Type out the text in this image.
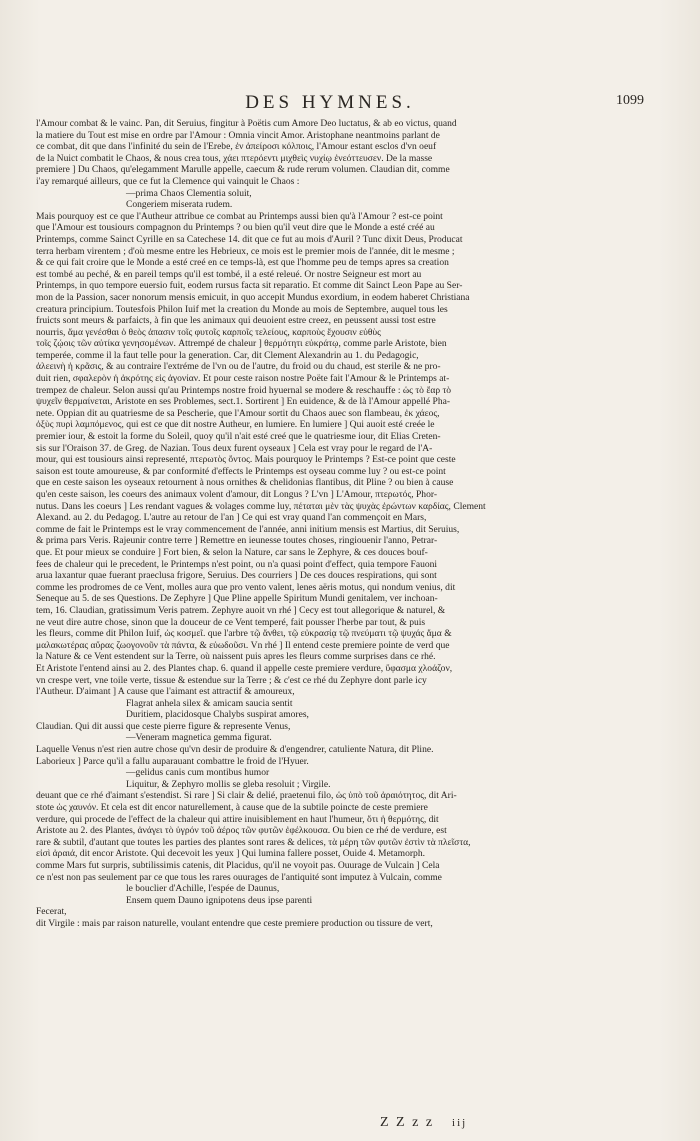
DES HYMNES.	1099
l'Amour combat & le vainc. Pan, dit Seruius, fingitur à Poëtis cum Amore Deo luctatus, & ab eo victus, quand
la matiere du Tout est mise en ordre par l'Amour : Omnia vincit Amor. Aristophane neantmoins parlant de
ce combat, dit que dans l'infinité du sein de l'Erebe, ἐν ἀπείροσι κόλποις, l'Amour estant esclos d'vn oeuf
de la Nuict combatit le Chaos, & nous crea tous, χάει πτερόεντι μιχθεὶς νυχίῳ ἐνεόττευσεν. De la masse
premiere ] Du Chaos, qu'elegamment Marulle appelle, caecum & rude rerum volumen. Claudian dit, comme
i'ay remarqué ailleurs, que ce fut la Clemence qui vainquit le Chaos :
—prima Chaos Clementia soluit,
Congeriem miserata rudem.
Mais pourquoy est ce que l'Autheur attribue ce combat au Printemps aussi bien qu'à l'Amour ? est-ce point
que l'Amour est tousiours compagnon du Printemps ? ou bien qu'il veut dire que le Monde a esté créé au
Printemps, comme Sainct Cyrille en sa Catechese 14. dit que ce fut au mois d'Auril ? Tunc dixit Deus, Producat
terra herbam virentem ; d'où mesme entre les Hebrieux, ce mois est le premier mois de l'année, dit le mesme ;
& ce qui fait croire que le Monde a esté creé en ce temps-là, est que l'homme peu de temps apres sa creation
est tombé au peché, & en pareil temps qu'il est tombé, il a esté releué. Or nostre Seigneur est mort au
Printemps, in quo tempore euersio fuit, eodem rursus facta sit reparatio. Et comme dit Sainct Leon Pape au Ser-
mon de la Passion, sacer nonorum mensis emicuit, in quo accepit Mundus exordium, in eodem haberet Christiana
creatura principium. Toutesfois Philon Iuif met la creation du Monde au mois de Septembre, auquel tous les
fruicts sont meurs & parfaicts, à fin que les animaux qui deuoient estre creez, en peussent aussi tost estre
nourris, ἅμα γενέσθαι ὁ θεὸς ἀπασιν τοῖς φυτοῖς καρποῖς τελείους, καρποὺς ἔχουσιν εὐθὺς
τοῖς ζῴοις τῶν αὐτίκα γενησομένων. Attrempé de chaleur ] θερμότητι εὐκράτῳ, comme parle Aristote, bien
temperée, comme il la faut telle pour la generation. Car, dit Clement Alexandrin au 1. du Pedagogic,
ἀλεεινὴ ἡ κρᾶσις, & au contraire l'extréme de l'vn ou de l'autre, du froid ou du chaud, est sterile & ne pro-
duit rien, σφαλερὸν ἡ ἀκρότης εἰς ἀγονίαν. Et pour ceste raison nostre Poëte fait l'Amour & le Printemps at-
trempez de chaleur. Selon aussi qu'au Printemps nostre froid hyuernal se modere & reschauffe : ὡς τὸ ἔαρ τὸ
ψυχεῖν θερμαίνεται, Aristote en ses Problemes, sect.1. Sortirent ] En euidence, & de là l'Amour appellé Pha-
nete. Oppian dit au quatriesme de sa Pescherie, que l'Amour sortit du Chaos auec son flambeau, ἐκ χάεος,
ὀξὺς πυρὶ λαμπόμενος, qui est ce que dit nostre Autheur, en lumiere. En lumiere ] Qui auoit esté creée le
premier iour, & estoit la forme du Soleil, quoy qu'il n'ait esté creé que le quatriesme iour, dit Elias Creten-
sis sur l'Oraison 37. de Greg. de Nazian. Tous deux furent oyseaux ] Cela est vray pour le regard de l'A-
mour, qui est tousiours ainsi representé, πτερωτὸς ὄντος. Mais pourquoy le Printemps ? Est-ce point que ceste
saison est toute amoureuse, & par conformité d'effects le Printemps est oyseau comme luy ? ou est-ce point
que en ceste saison les oyseaux retournent à nous ornithes & chelidonias flantibus, dit Pline ? ou bien à cause
qu'en ceste saison, les coeurs des animaux volent d'amour, dit Longus ? L'vn ] L'Amour, πτερωτός, Phor-
nutus. Dans les coeurs ] Les rendant vagues & volages comme luy, πέταται μὲν τὰς ψυχὰς ἐρώντων καρδίας, Clement
Alexand. au 2. du Pedagog. L'autre au retour de l'an ] Ce qui est vray quand l'an commençoit en Mars,
comme de fait le Printemps est le vray commencement de l'année, anni initium mensis est Martius, dit Seruius,
& prima pars Veris. Rajeunir contre terre ] Remettre en ieunesse toutes choses, ringiouenir l'anno, Petrar-
que. Et pour mieux se conduire ] Fort bien, & selon la Nature, car sans le Zephyre, & ces douces bouf-
fees de chaleur qui le precedent, le Printemps n'est point, ou n'a quasi point d'effect, quia tempore Fauoni
arua laxantur quae fuerant praeclusa frigore, Seruius. Des courriers ] De ces douces respirations, qui sont
comme les prodromes de ce Vent, molles aura que pro vento valent, lenes aëris motus, qui nondum venius, dit
Seneque au 5. de ses Questions. De Zephyre ] Que Pline appelle Spiritum Mundi genitalem, ver inchoan-
tem, 16. Claudian, gratissimum Veris patrem. Zephyre auoit vn rhé ] Cecy est tout allegorique & naturel, &
ne veut dire autre chose, sinon que la douceur de ce Vent temperé, fait pousser l'herbe par tout, & puis
les fleurs, comme dit Philon Iuif, ὡς κοσμεῖ. que l'arbre τῷ ἄνθει, τῷ εὐκρασίᾳ τῷ πνεύματι τῷ ψυχάς ἅμα &
μαλακωτέρας αὔρας ζωογονοῦν τὰ πάντα, & εὐωδοῦσι. Vn rhé ] Il entend ceste premiere pointe de verd que
la Nature & ce Vent estendent sur la Terre, où naissent puis apres les fleurs comme surprises dans ce rhé.
Et Aristote l'entend ainsi au 2. des Plantes chap. 6. quand il appelle ceste premiere verdure, ὕφασμα χλοάζον,
vn crespe vert, vne toile verte, tissue & estendue sur la Terre ; & c'est ce rhé du Zephyre dont parle icy
l'Autheur. D'aimant ] A cause que l'aimant est attractif & amoureux,
Flagrat anhela silex & amicam saucia sentit
Duritiem, placidosque Chalybs suspirat amores,
Claudian. Qui dit aussi que ceste pierre figure & represente Venus,
—Veneram magnetica gemma figurat.
Laquelle Venus n'est rien autre chose qu'vn desir de produire & d'engendrer, catuliente Natura, dit Pline.
Laborieux ] Parce qu'il a fallu auparauant combattre le froid de l'Hyuer.
—gelidus canis cum montibus humor
Liquitur, & Zephyro mollis se gleba resoluit ; Virgile.
deuant que ce rhé d'aimant s'estendist. Si rare ] Si clair & delié, praetenui filo, ὡς ὑπὸ τοῦ ἀραιότητος, dit Ari-
stote ὡς χαυνόν. Et cela est dit encor naturellement, à cause que de la subtile poincte de ceste premiere
verdure, qui procede de l'effect de la chaleur qui attire inuisiblement en haut l'humeur, ὅτι ἡ θερμότης, dit
Aristote au 2. des Plantes, ἀνάγει τὸ ὑγρόν τοῦ ἀέρος τῶν φυτῶν ἐφέλκουσα. Ou bien ce rhé de verdure, est
rare & subtil, d'autant que toutes les parties des plantes sont rares & delices, τὰ μέρη τῶν φυτῶν ἐστὶν τὰ πλεῖστα,
εἰσὶ ἀραιά, dit encor Aristote. Qui decevoit les yeux ] Qui lumina fallere posset, Ouide 4. Metamorph.
comme Mars fut surpris, subtilissimis catenis, dit Placidus, qu'il ne voyoit pas. Ouurage de Vulcain ] Cela
ce n'est non pas seulement par ce que tous les rares ouurages de l'antiquité sont imputez à Vulcain, comme
le bouclier d'Achille, l'espée de Daunus,
Ensem quem Dauno ignipotens deus ipse parenti
Fecerat,
dit Virgile : mais par raison naturelle, voulant entendre que ceste premiere production ou tissure de vert,
Z Z z z iij
